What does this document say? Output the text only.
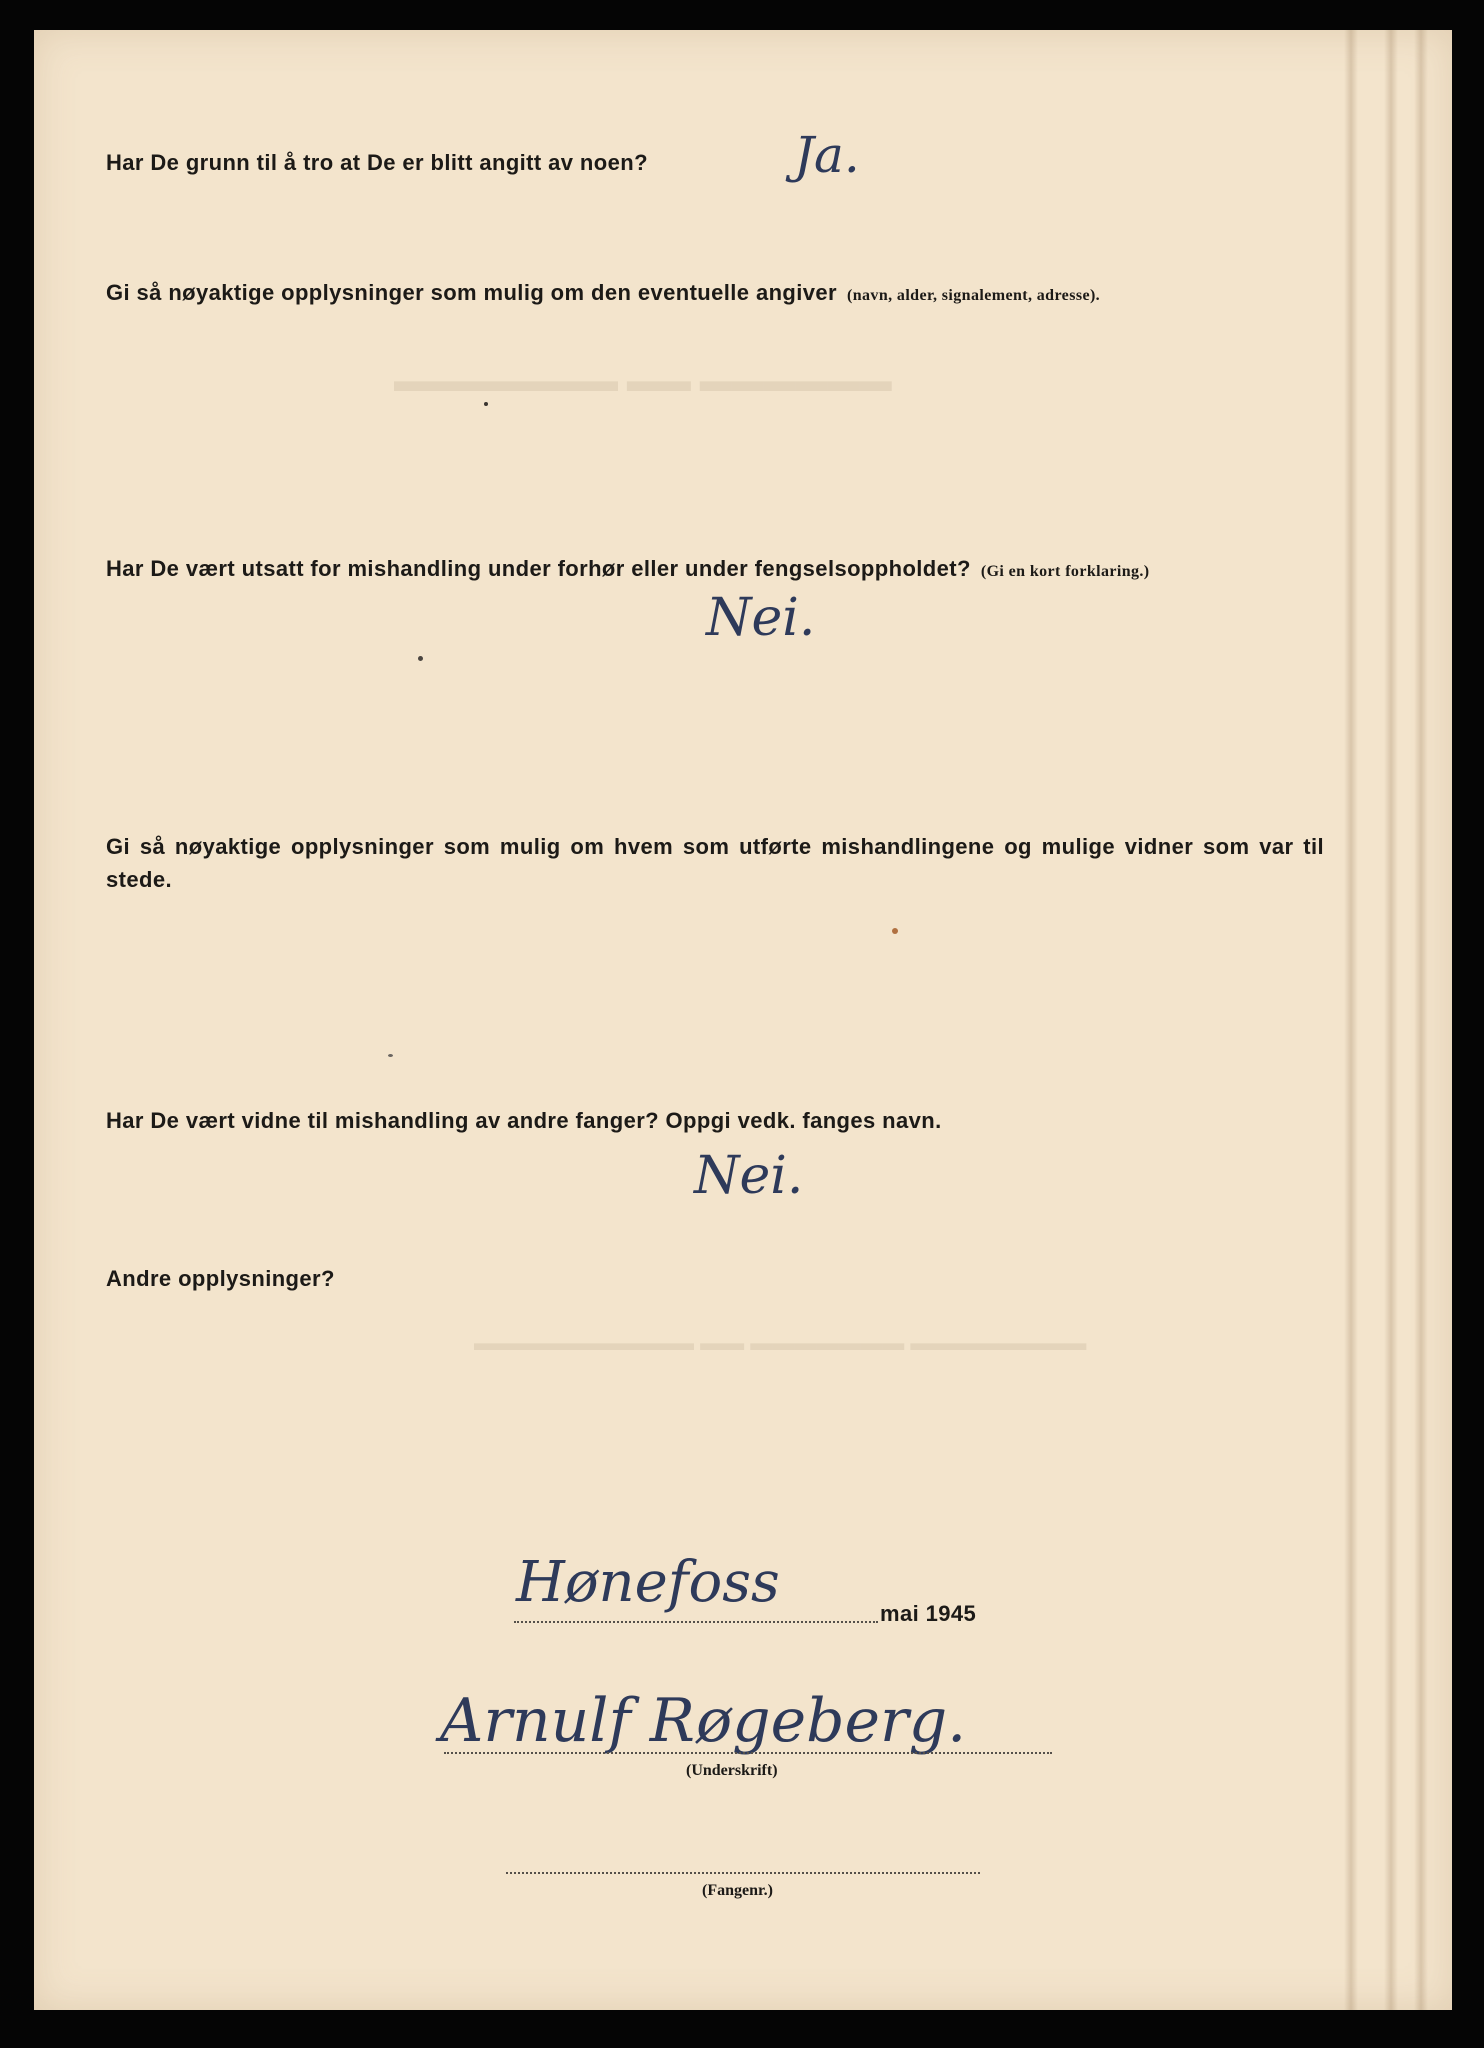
▬▬▬▬▬▬▬ ▬▬ ▬▬▬▬▬▬
▬▬▬▬▬▬▬▬▬▬ ▬▬ ▬▬▬▬▬▬▬ ▬▬▬▬▬▬▬▬
Har De grunn til å tro at De er blitt angitt av noen?	Ja.
Gi så nøyaktige opplysninger som mulig om den eventuelle angiver (navn, alder, signalement, adresse).
Har De vært utsatt for mishandling under forhør eller under fengselsoppholdet? (Gi en kort forklaring.)
Nei.
Gi så nøyaktige opplysninger som mulig om hvem som utførte mishandlingene og mulige vidner som var til stede.
Har De vært vidne til mishandling av andre fanger? Oppgi vedk. fanges navn.
Nei.
Andre opplysninger?
Hønefoss	mai 1945
Arnulf Røgeberg.
(Underskrift)
(Fangenr.)
